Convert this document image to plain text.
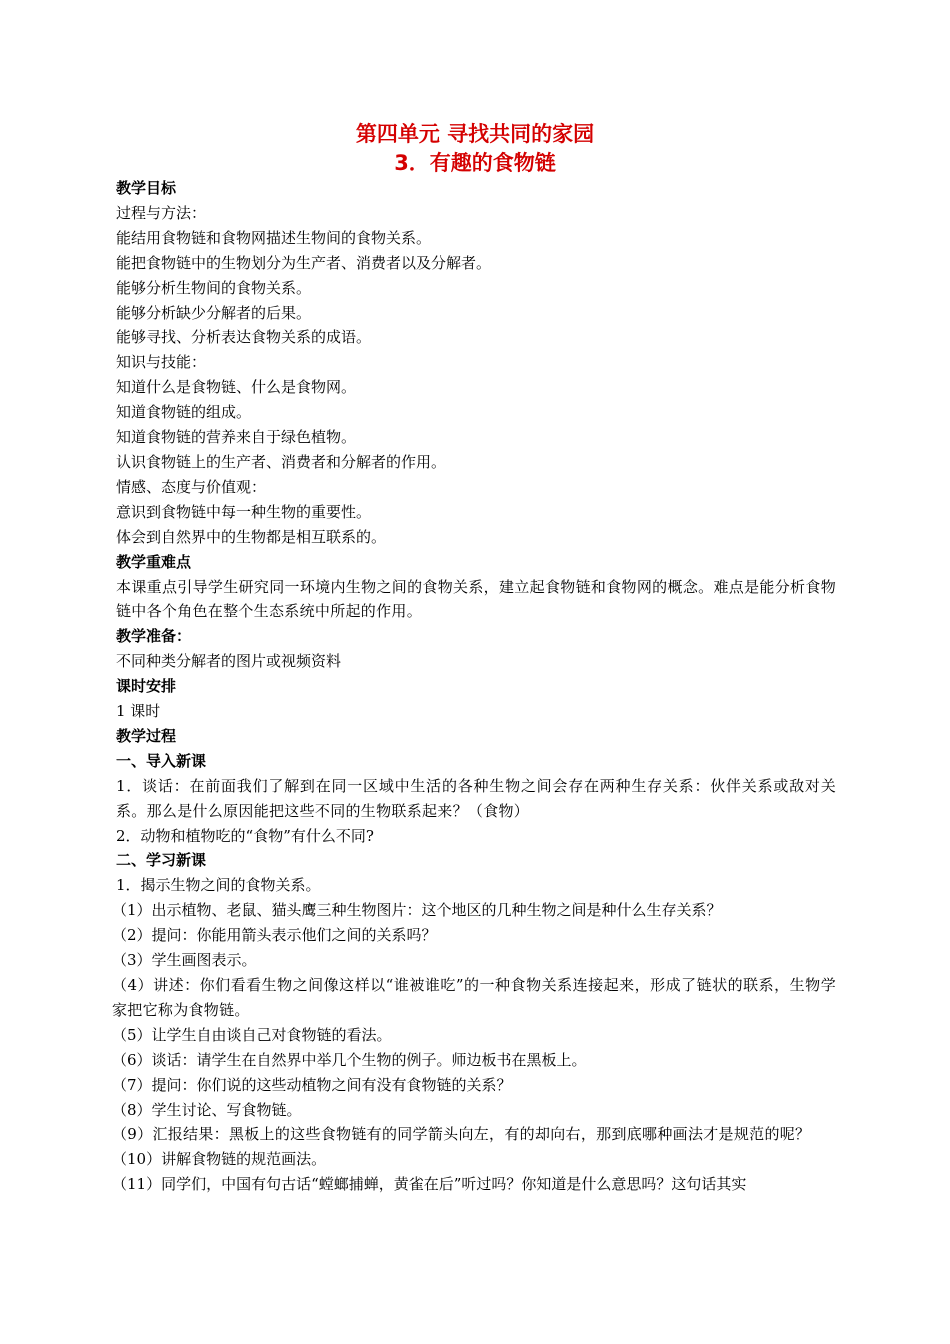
第四单元 寻找共同的家园
3．有趣的食物链
教学目标
过程与方法：
能结用食物链和食物网描述生物间的食物关系。
能把食物链中的生物划分为生产者、消费者以及分解者。
能够分析生物间的食物关系。
能够分析缺少分解者的后果。
能够寻找、分析表达食物关系的成语。
知识与技能：
知道什么是食物链、什么是食物网。
知道食物链的组成。
知道食物链的营养来自于绿色植物。
认识食物链上的生产者、消费者和分解者的作用。
情感、态度与价值观：
意识到食物链中每一种生物的重要性。
体会到自然界中的生物都是相互联系的。
教学重难点
本课重点引导学生研究同一环境内生物之间的食物关系，建立起食物链和食物网的概念。难点是能分析食物链中各个角色在整个生态系统中所起的作用。
教学准备：
不同种类分解者的图片或视频资料
课时安排
1 课时
教学过程
一、导入新课
1．谈话：在前面我们了解到在同一区域中生活的各种生物之间会存在两种生存关系：伙伴关系或敌对关系。那么是什么原因能把这些不同的生物联系起来？（食物）
2．动物和植物吃的“食物”有什么不同?
二、学习新课
1．揭示生物之间的食物关系。
（1）出示植物、老鼠、猫头鹰三种生物图片：这个地区的几种生物之间是种什么生存关系？
（2）提问：你能用箭头表示他们之间的关系吗？
（3）学生画图表示。
（4）讲述：你们看看生物之间像这样以“谁被谁吃”的一种食物关系连接起来，形成了链状的联系，生物学家把它称为食物链。
（5）让学生自由谈自己对食物链的看法。
（6）谈话：请学生在自然界中举几个生物的例子。师边板书在黑板上。
（7）提问：你们说的这些动植物之间有没有食物链的关系？
（8）学生讨论、写食物链。
（9）汇报结果：黑板上的这些食物链有的同学箭头向左，有的却向右，那到底哪种画法才是规范的呢？
（10）讲解食物链的规范画法。
（11）同学们，中国有句古话“螳螂捕蝉，黄雀在后”听过吗？你知道是什么意思吗？这句话其实
